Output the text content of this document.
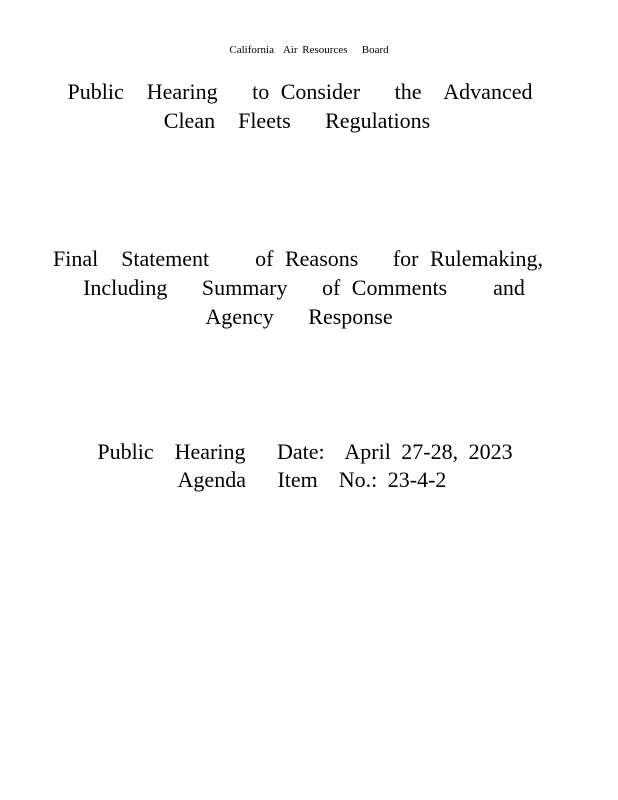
California  Air Resources   Board
Public  Hearing   to Consider   the  Advanced
Clean  Fleets   Regulations
Final  Statement    of Reasons   for Rulemaking,
Including   Summary   of Comments    and
Agency   Response
Public  Hearing   Date:  April 27-28, 2023
Agenda   Item  No.: 23-4-2
